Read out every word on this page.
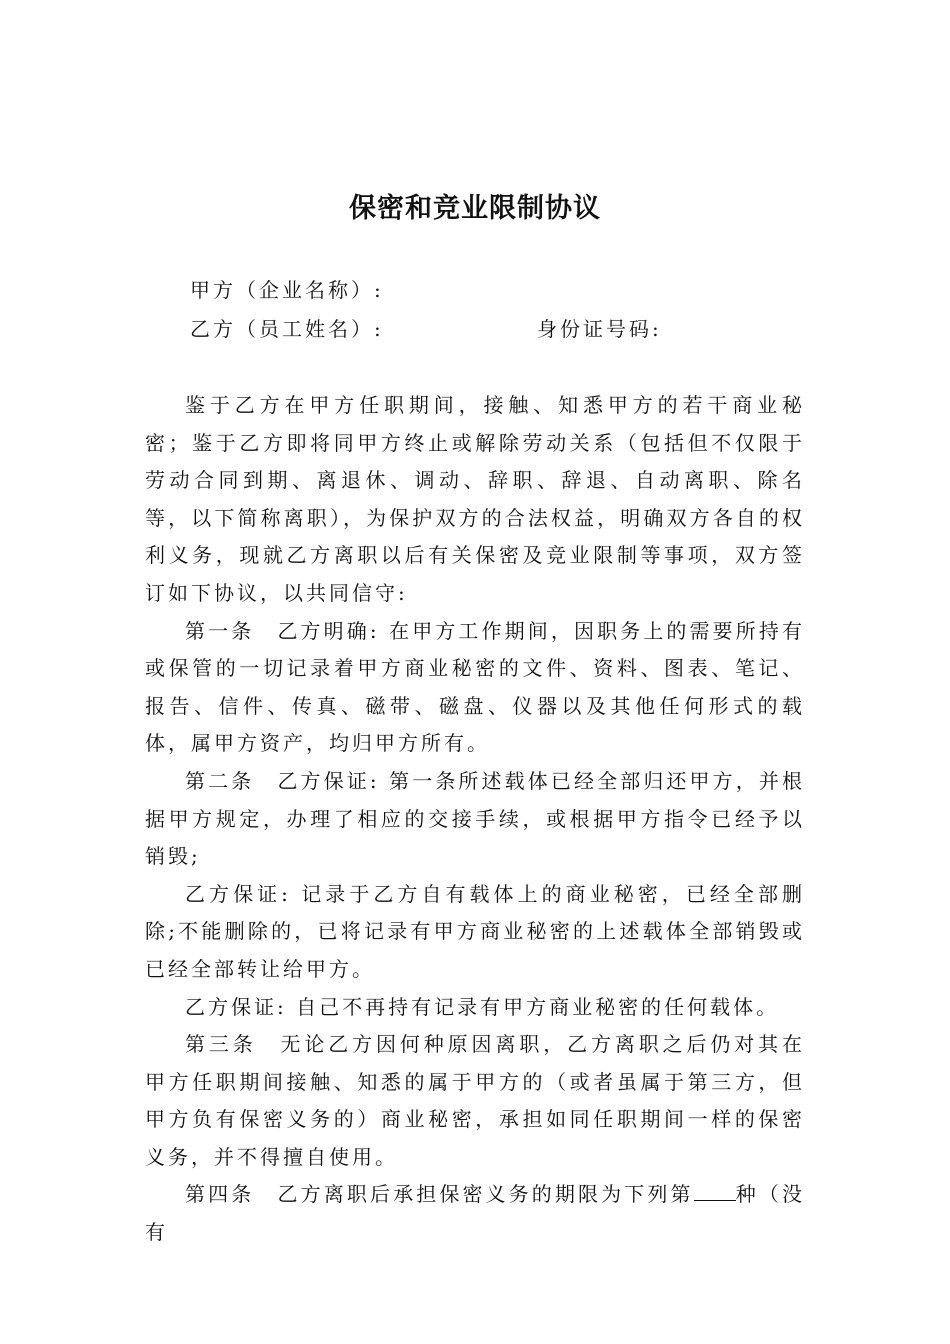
保密和竞业限制协议
甲方（企业名称）:
乙方（员工姓名）:	身份证号码:

鉴于乙方在甲方任职期间，接触、知悉甲方的若干商业秘密；鉴于乙方即将同甲方终止或解除劳动关系（包括但不仅限于劳动合同到期、离退休、调动、辞职、辞退、自动离职、除名等，以下简称离职），为保护双方的合法权益，明确双方各自的权利义务，现就乙方离职以后有关保密及竞业限制等事项，双方签订如下协议，以共同信守:

第一条　乙方明确: 在甲方工作期间，因职务上的需要所持有或保管的一切记录着甲方商业秘密的文件、资料、图表、笔记、报告、信件、传真、磁带、磁盘、仪器以及其他任何形式的载体，属甲方资产，均归甲方所有。

第二条　乙方保证: 第一条所述载体已经全部归还甲方，并根据甲方规定，办理了相应的交接手续，或根据甲方指令已经予以销毁;

乙方保证: 记录于乙方自有载体上的商业秘密，已经全部删除;不能删除的，已将记录有甲方商业秘密的上述载体全部销毁或已经全部转让给甲方。

乙方保证: 自己不再持有记录有甲方商业秘密的任何载体。

第三条　无论乙方因何种原因离职，乙方离职之后仍对其在甲方任职期间接触、知悉的属于甲方的（或者虽属于第三方，但甲方负有保密义务的）商业秘密，承担如同任职期间一样的保密义务，并不得擅自使用。

第四条　乙方离职后承担保密义务的期限为下列第 种（没有
